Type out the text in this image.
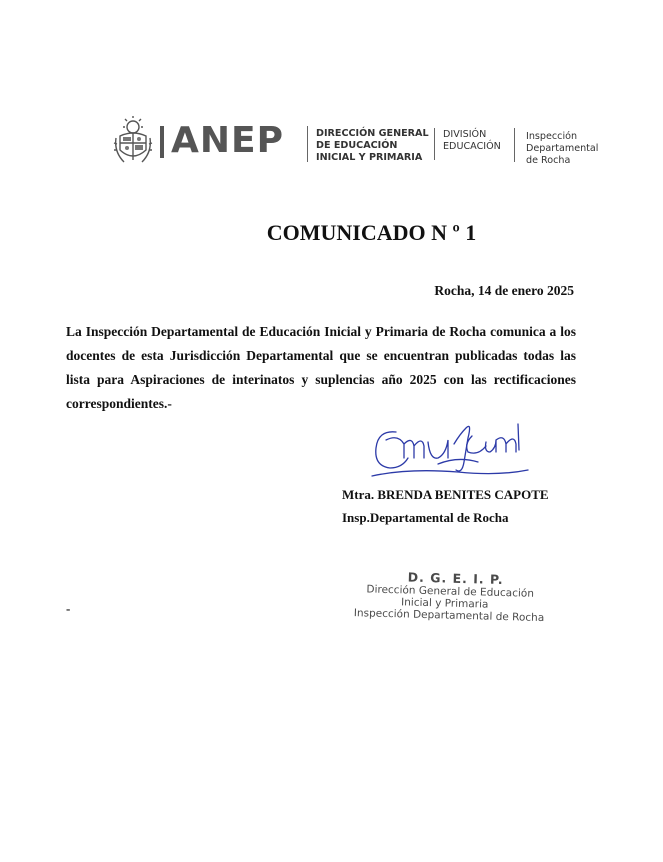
ANEP	DIRECCIÓN GENERAL
DE EDUCACIÓN
INICIAL Y PRIMARIA
DIVISIÓN
EDUCACIÓN
Inspección
Departamental
de Rocha
COMUNICADO N º 1
Rocha, 14 de enero 2025
La Inspección Departamental de Educación Inicial y Primaria de Rocha comunica a los docentes de esta Jurisdicción Departamental que se encuentran publicadas todas las lista para Aspiraciones de interinatos y suplencias año 2025 con las rectificaciones correspondientes.-
Mtra. BRENDA BENITES CAPOTE
Insp.Departamental de Rocha
D. G. E. I. P.
Dirección General de Educación
Inicial y Primaria
Inspección Departamental de Rocha
-
